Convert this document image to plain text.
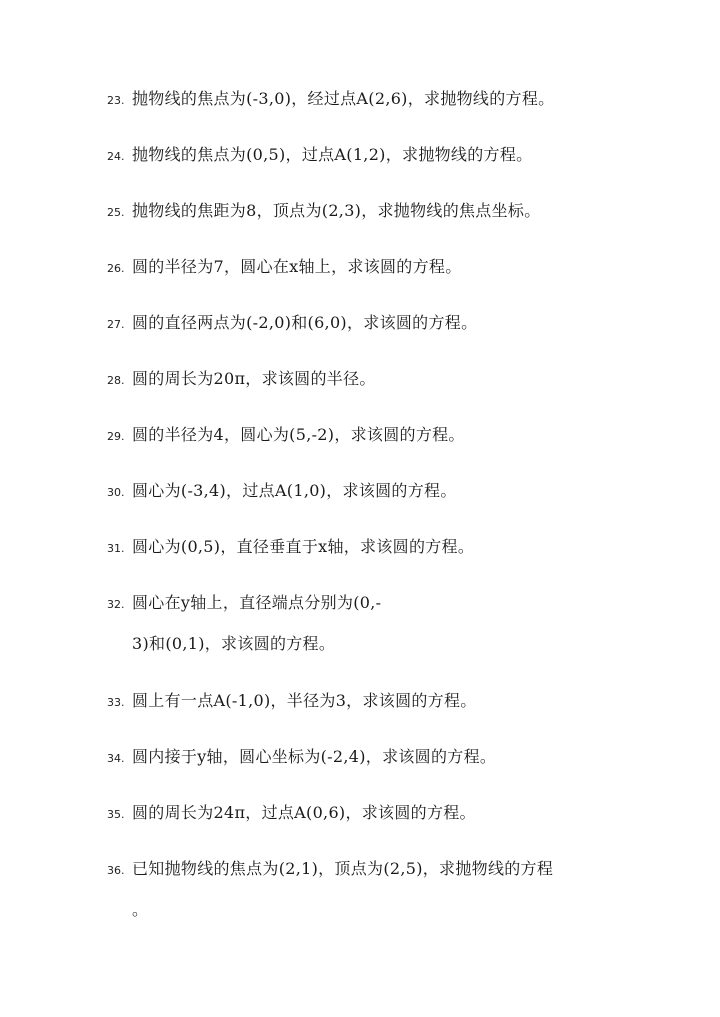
23. 抛物线的焦点为(-3,0)，经过点A(2,6)，求抛物线的方程。
24. 抛物线的焦点为(0,5)，过点A(1,2)，求抛物线的方程。
25. 抛物线的焦距为8，顶点为(2,3)，求抛物线的焦点坐标。
26. 圆的半径为7，圆心在x轴上，求该圆的方程。
27. 圆的直径两点为(-2,0)和(6,0)，求该圆的方程。
28. 圆的周长为20π，求该圆的半径。
29. 圆的半径为4，圆心为(5,-2)，求该圆的方程。
30. 圆心为(-3,4)，过点A(1,0)，求该圆的方程。
31. 圆心为(0,5)，直径垂直于x轴，求该圆的方程。
32. 圆心在y轴上，直径端点分别为(0,-
3)和(0,1)，求该圆的方程。
33. 圆上有一点A(-1,0)，半径为3，求该圆的方程。
34. 圆内接于y轴，圆心坐标为(-2,4)，求该圆的方程。
35. 圆的周长为24π，过点A(0,6)，求该圆的方程。
36. 已知抛物线的焦点为(2,1)，顶点为(2,5)，求抛物线的方程
。
